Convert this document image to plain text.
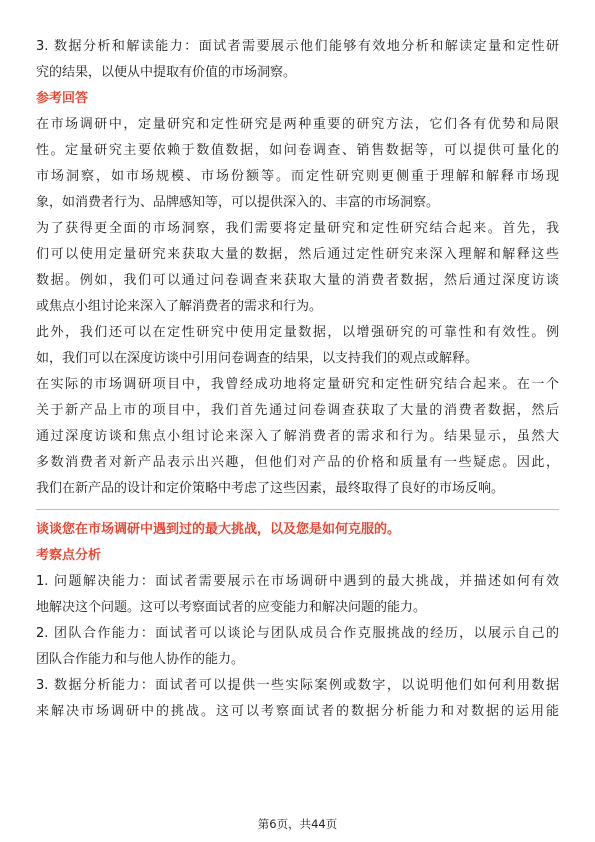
3. 数据分析和解读能力：面试者需要展示他们能够有效地分析和解读定量和定性研
究的结果，以便从中提取有价值的市场洞察。
参考回答
在市场调研中，定量研究和定性研究是两种重要的研究方法，它们各有优势和局限
性。定量研究主要依赖于数值数据，如问卷调查、销售数据等，可以提供可量化的
市场洞察，如市场规模、市场份额等。而定性研究则更侧重于理解和解释市场现
象，如消费者行为、品牌感知等，可以提供深入的、丰富的市场洞察。
为了获得更全面的市场洞察，我们需要将定量研究和定性研究结合起来。首先，我
们可以使用定量研究来获取大量的数据，然后通过定性研究来深入理解和解释这些
数据。例如，我们可以通过问卷调查来获取大量的消费者数据，然后通过深度访谈
或焦点小组讨论来深入了解消费者的需求和行为。
此外，我们还可以在定性研究中使用定量数据，以增强研究的可靠性和有效性。例
如，我们可以在深度访谈中引用问卷调查的结果，以支持我们的观点或解释。
在实际的市场调研项目中，我曾经成功地将定量研究和定性研究结合起来。在一个
关于新产品上市的项目中，我们首先通过问卷调查获取了大量的消费者数据，然后
通过深度访谈和焦点小组讨论来深入了解消费者的需求和行为。结果显示，虽然大
多数消费者对新产品表示出兴趣，但他们对产品的价格和质量有一些疑虑。因此，
我们在新产品的设计和定价策略中考虑了这些因素，最终取得了良好的市场反响。
谈谈您在市场调研中遇到过的最大挑战，以及您是如何克服的。
考察点分析
1. 问题解决能力：面试者需要展示在市场调研中遇到的最大挑战，并描述如何有效
地解决这个问题。这可以考察面试者的应变能力和解决问题的能力。
2. 团队合作能力：面试者可以谈论与团队成员合作克服挑战的经历，以展示自己的
团队合作能力和与他人协作的能力。
3. 数据分析能力：面试者可以提供一些实际案例或数字，以说明他们如何利用数据
来解决市场调研中的挑战。这可以考察面试者的数据分析能力和对数据的运用能
第6页，共44页
